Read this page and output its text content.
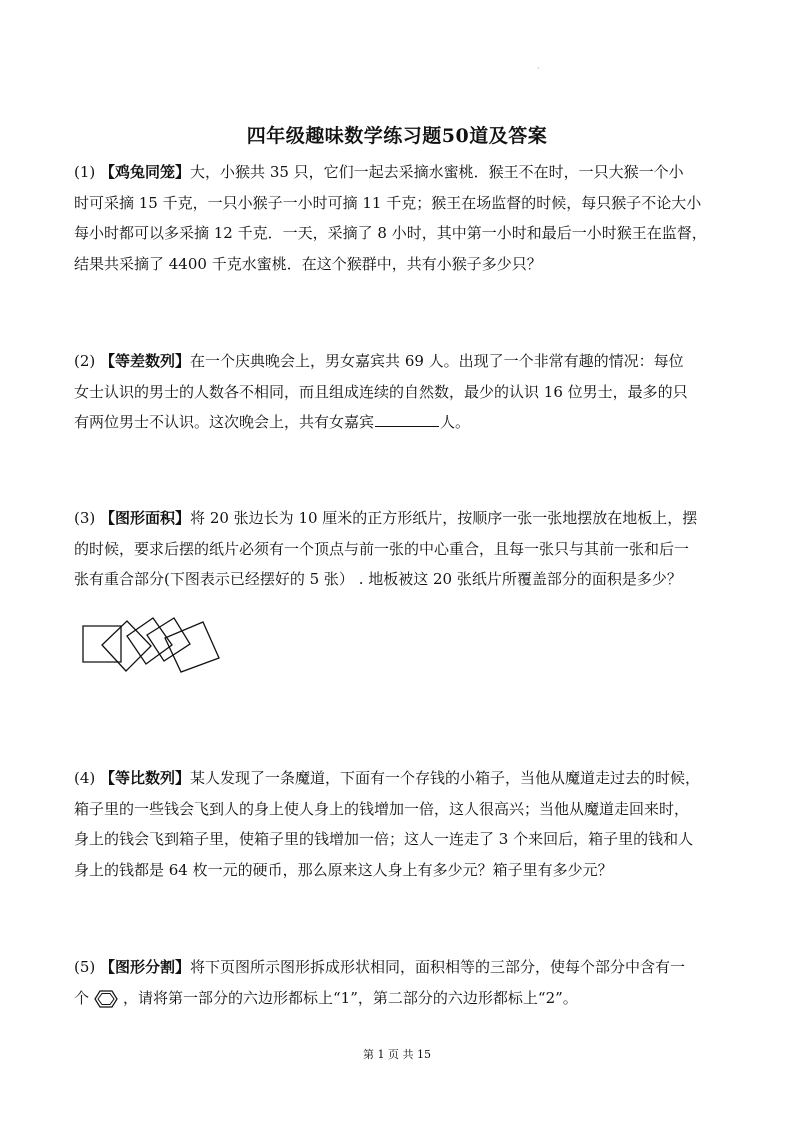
·
四年级趣味数学练习题50道及答案

(1) 【鸡兔同笼】大，小猴共 35 只，它们一起去采摘水蜜桃．猴王不在时，一只大猴一个小

时可采摘 15 千克，一只小猴子一小时可摘 11 千克；猴王在场监督的时候，每只猴子不论大小

每小时都可以多采摘 12 千克．一天，采摘了 8 小时，其中第一小时和最后一小时猴王在监督，

结果共采摘了 4400 千克水蜜桃．在这个猴群中，共有小猴子多少只？

(2) 【等差数列】在一个庆典晚会上，男女嘉宾共 69 人。出现了一个非常有趣的情况：每位

女士认识的男士的人数各不相同，而且组成连续的自然数，最少的认识 16 位男士，最多的只

有两位男士不认识。这次晚会上，共有女嘉宾	人。

(3) 【图形面积】将 20 张边长为 10 厘米的正方形纸片，按顺序一张一张地摆放在地板上，摆

的时候，要求后摆的纸片必须有一个顶点与前一张的中心重合，且每一张只与其前一张和后一

张有重合部分(下图表示已经摆好的 5 张） . 地板被这 20 张纸片所覆盖部分的面积是多少？

(4) 【等比数列】某人发现了一条魔道，下面有一个存钱的小箱子，当他从魔道走过去的时候，

箱子里的一些钱会飞到人的身上使人身上的钱增加一倍，这人很高兴；当他从魔道走回来时，

身上的钱会飞到箱子里，使箱子里的钱增加一倍；这人一连走了 3 个来回后，箱子里的钱和人

身上的钱都是 64 枚一元的硬币，那么原来这人身上有多少元？箱子里有多少元？

(5) 【图形分割】将下页图所示图形拆成形状相同，面积相等的三部分，使每个部分中含有一

个 ，请将第一部分的六边形都标上“1”，第二部分的六边形都标上“2”。

第 1 页 共 15
